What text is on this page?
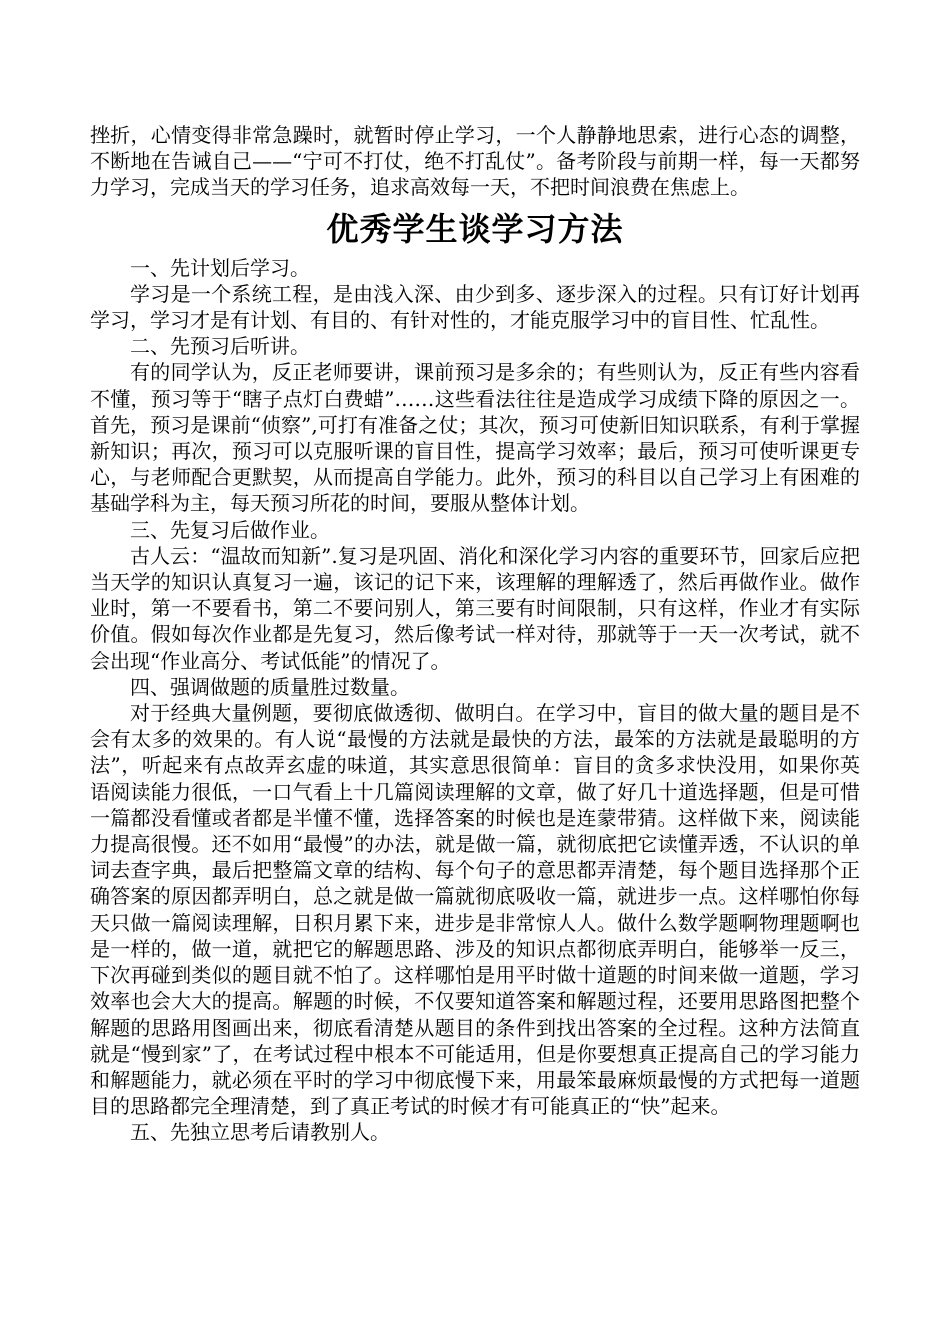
挫折，心情变得非常急躁时，就暂时停止学习，一个人静静地思索，进行心态的调整，不断地在告诫自己——“宁可不打仗，绝不打乱仗”。备考阶段与前期一样，每一天都努力学习，完成当天的学习任务，追求高效每一天，不把时间浪费在焦虑上。

优秀学生谈学习方法

一、先计划后学习。

学习是一个系统工程，是由浅入深、由少到多、逐步深入的过程。只有订好计划再学习，学习才是有计划、有目的、有针对性的，才能克服学习中的盲目性、忙乱性。

二、先预习后听讲。

有的同学认为，反正老师要讲，课前预习是多余的；有些则认为，反正有些内容看不懂，预习等于“瞎子点灯白费蜡”……这些看法往往是造成学习成绩下降的原因之一。首先，预习是课前“侦察”,可打有准备之仗；其次，预习可使新旧知识联系，有利于掌握新知识；再次，预习可以克服听课的盲目性，提高学习效率；最后，预习可使听课更专心，与老师配合更默契，从而提高自学能力。此外，预习的科目以自己学习上有困难的基础学科为主，每天预习所花的时间，要服从整体计划。

三、先复习后做作业。

古人云：“温故而知新”.复习是巩固、消化和深化学习内容的重要环节，回家后应把当天学的知识认真复习一遍，该记的记下来，该理解的理解透了，然后再做作业。做作业时，第一不要看书，第二不要问别人，第三要有时间限制，只有这样，作业才有实际价值。假如每次作业都是先复习，然后像考试一样对待，那就等于一天一次考试，就不会出现“作业高分、考试低能”的情况了。

四、强调做题的质量胜过数量。

对于经典大量例题，要彻底做透彻、做明白。在学习中，盲目的做大量的题目是不会有太多的效果的。有人说“最慢的方法就是最快的方法，最笨的方法就是最聪明的方法”，听起来有点故弄玄虚的味道，其实意思很简单：盲目的贪多求快没用，如果你英语阅读能力很低，一口气看上十几篇阅读理解的文章，做了好几十道选择题，但是可惜一篇都没看懂或者都是半懂不懂，选择答案的时候也是连蒙带猜。这样做下来，阅读能力提高很慢。还不如用“最慢”的办法，就是做一篇，就彻底把它读懂弄透，不认识的单词去查字典，最后把整篇文章的结构、每个句子的意思都弄清楚，每个题目选择那个正确答案的原因都弄明白，总之就是做一篇就彻底吸收一篇，就进步一点。这样哪怕你每天只做一篇阅读理解，日积月累下来，进步是非常惊人人。做什么数学题啊物理题啊也是一样的，做一道，就把它的解题思路、涉及的知识点都彻底弄明白，能够举一反三，下次再碰到类似的题目就不怕了。这样哪怕是用平时做十道题的时间来做一道题，学习效率也会大大的提高。解题的时候，不仅要知道答案和解题过程，还要用思路图把整个解题的思路用图画出来，彻底看清楚从题目的条件到找出答案的全过程。这种方法简直就是“慢到家”了，在考试过程中根本不可能适用，但是你要想真正提高自己的学习能力和解题能力，就必须在平时的学习中彻底慢下来，用最笨最麻烦最慢的方式把每一道题目的思路都完全理清楚，到了真正考试的时候才有可能真正的“快”起来。

五、先独立思考后请教别人。
